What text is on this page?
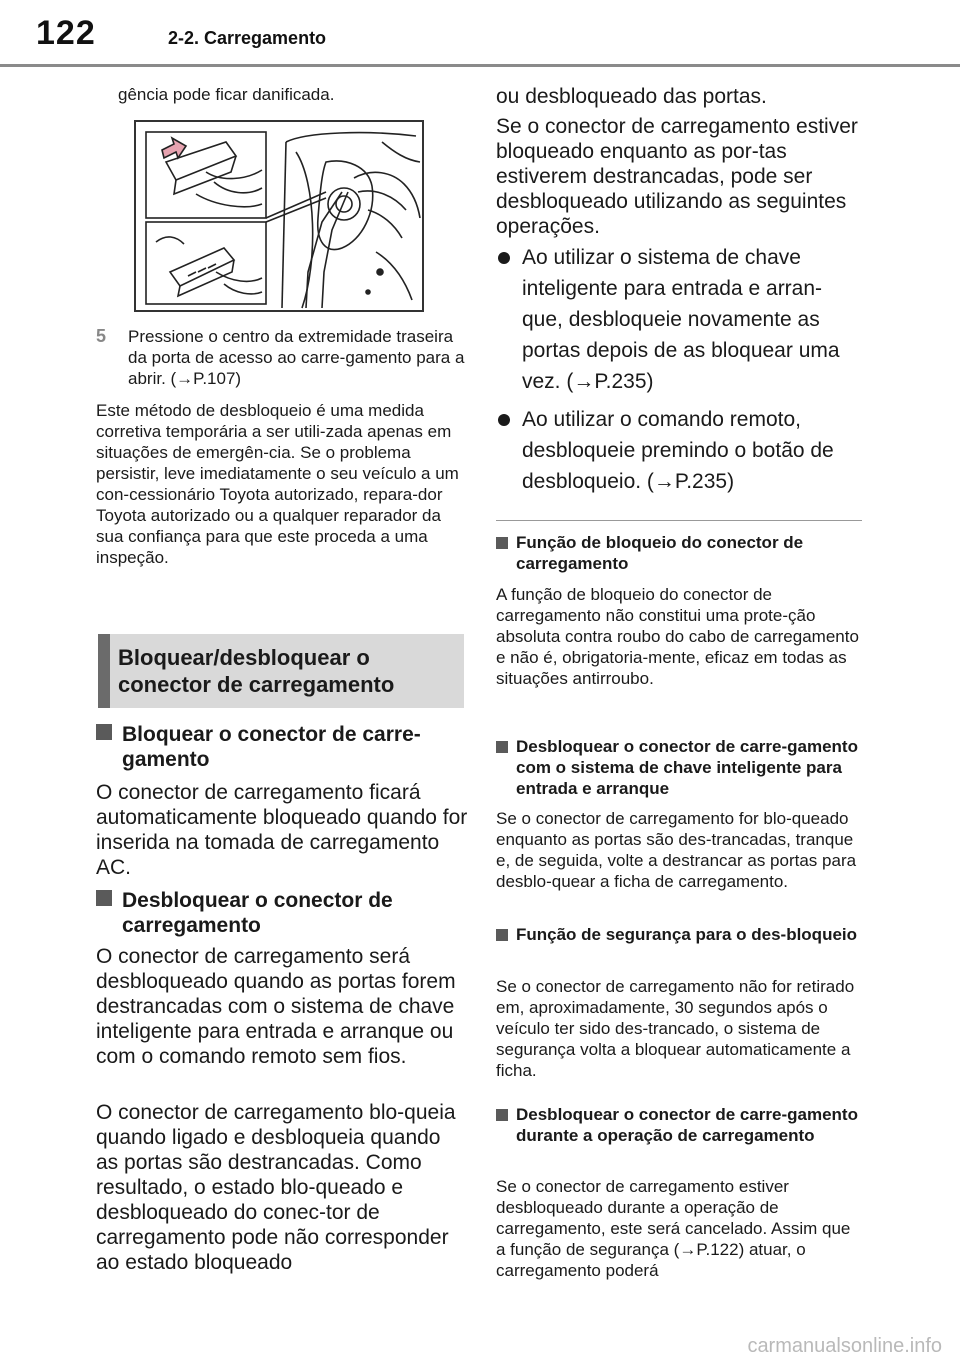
122	2-2. Carregamento

gência pode ficar danificada.

5 Pressione o centro da extremidade traseira da porta de acesso ao carre-gamento para a abrir. (→P.107)

Este método de desbloqueio é uma medida corretiva temporária a ser utili-zada apenas em situações de emergên-cia. Se o problema persistir, leve imediatamente o seu veículo a um con-cessionário Toyota autorizado, repara-dor Toyota autorizado ou a qualquer reparador da sua confiança para que este proceda a uma inspeção.

Bloquear/desbloquear o
conector de carregamento
Bloquear o conector de carre-
gamento

O conector de carregamento ficará automaticamente bloqueado quando for inserida na tomada de carregamento AC.

Desbloquear o conector de
carregamento

O conector de carregamento será desbloqueado quando as portas forem destrancadas com o sistema de chave inteligente para entrada e arranque ou com o comando remoto sem fios.

O conector de carregamento blo-queia quando ligado e desbloqueia quando as portas são destrancadas. Como resultado, o estado blo-queado e desbloqueado do conec-tor de carregamento pode não corresponder ao estado bloqueado

ou desbloqueado das portas.

Se o conector de carregamento estiver bloqueado enquanto as por-tas estiverem destrancadas, pode ser desbloqueado utilizando as seguintes operações.

Ao utilizar o sistema de chave inteligente para entrada e arran-que, desbloqueie novamente as portas depois de as bloquear uma vez. (→P.235)

Ao utilizar o comando remoto, desbloqueie premindo o botão de desbloqueio. (→P.235)

Função de bloqueio do conector de carregamento

A função de bloqueio do conector de carregamento não constitui uma prote-ção absoluta contra roubo do cabo de carregamento e não é, obrigatoria-mente, eficaz em todas as situações antirroubo.

Desbloquear o conector de carre-gamento com o sistema de chave inteligente para entrada e arranque

Se o conector de carregamento for blo-queado enquanto as portas são des-trancadas, tranque e, de seguida, volte a destrancar as portas para desblo-quear a ficha de carregamento.

Função de segurança para o des-bloqueio

Se o conector de carregamento não for retirado em, aproximadamente, 30 segundos após o veículo ter sido des-trancado, o sistema de segurança volta a bloquear automaticamente a ficha.

Desbloquear o conector de carre-gamento durante a operação de carregamento

Se o conector de carregamento estiver desbloqueado durante a operação de carregamento, este será cancelado. Assim que a função de segurança (→P.122) atuar, o carregamento poderá

carmanualsonline.info
